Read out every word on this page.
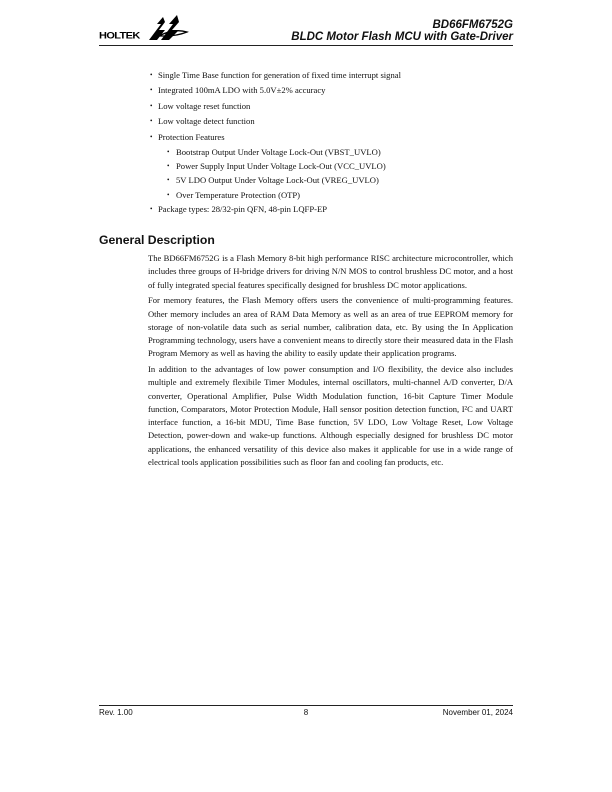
HOLTEK
BD66FM6752G
BLDC Motor Flash MCU with Gate-Driver
• Single Time Base function for generation of fixed time interrupt signal
• Integrated 100mA LDO with 5.0V±2% accuracy
• Low voltage reset function
• Low voltage detect function
• Protection Features
• Bootstrap Output Under Voltage Lock-Out (VBST_UVLO)
• Power Supply Input Under Voltage Lock-Out (VCC_UVLO)
• 5V LDO Output Under Voltage Lock-Out (VREG_UVLO)
• Over Temperature Protection (OTP)
• Package types: 28/32-pin QFN, 48-pin LQFP-EP
General Description

The BD66FM6752G is a Flash Memory 8-bit high performance RISC architecture microcontroller, which includes three groups of H-bridge drivers for driving N/N MOS to control brushless DC motor, and a host of fully integrated special features specifically designed for brushless DC motor applications.

For memory features, the Flash Memory offers users the convenience of multi-programming features. Other memory includes an area of RAM Data Memory as well as an area of true EEPROM memory for storage of non-volatile data such as serial number, calibration data, etc. By using the In Application Programming technology, users have a convenient means to directly store their measured data in the Flash Program Memory as well as having the ability to easily update their application programs.

In addition to the advantages of low power consumption and I/O flexibility, the device also includes multiple and extremely flexibile Timer Modules, internal oscillators, multi-channel A/D converter, D/A converter, Operational Amplifier, Pulse Width Modulation function, 16-bit Capture Timer Module function, Comparators, Motor Protection Module, Hall sensor position detection function, I²C and UART interface function, a 16-bit MDU, Time Base function, 5V LDO, Low Voltage Reset, Low Voltage Detection, power-down and wake-up functions. Although especially designed for brushless DC motor applications, the enhanced versatility of this device also makes it applicable for use in a wide range of electrical tools application possibilities such as floor fan and cooling fan products, etc.

Rev. 1.00	8	November 01, 2024
